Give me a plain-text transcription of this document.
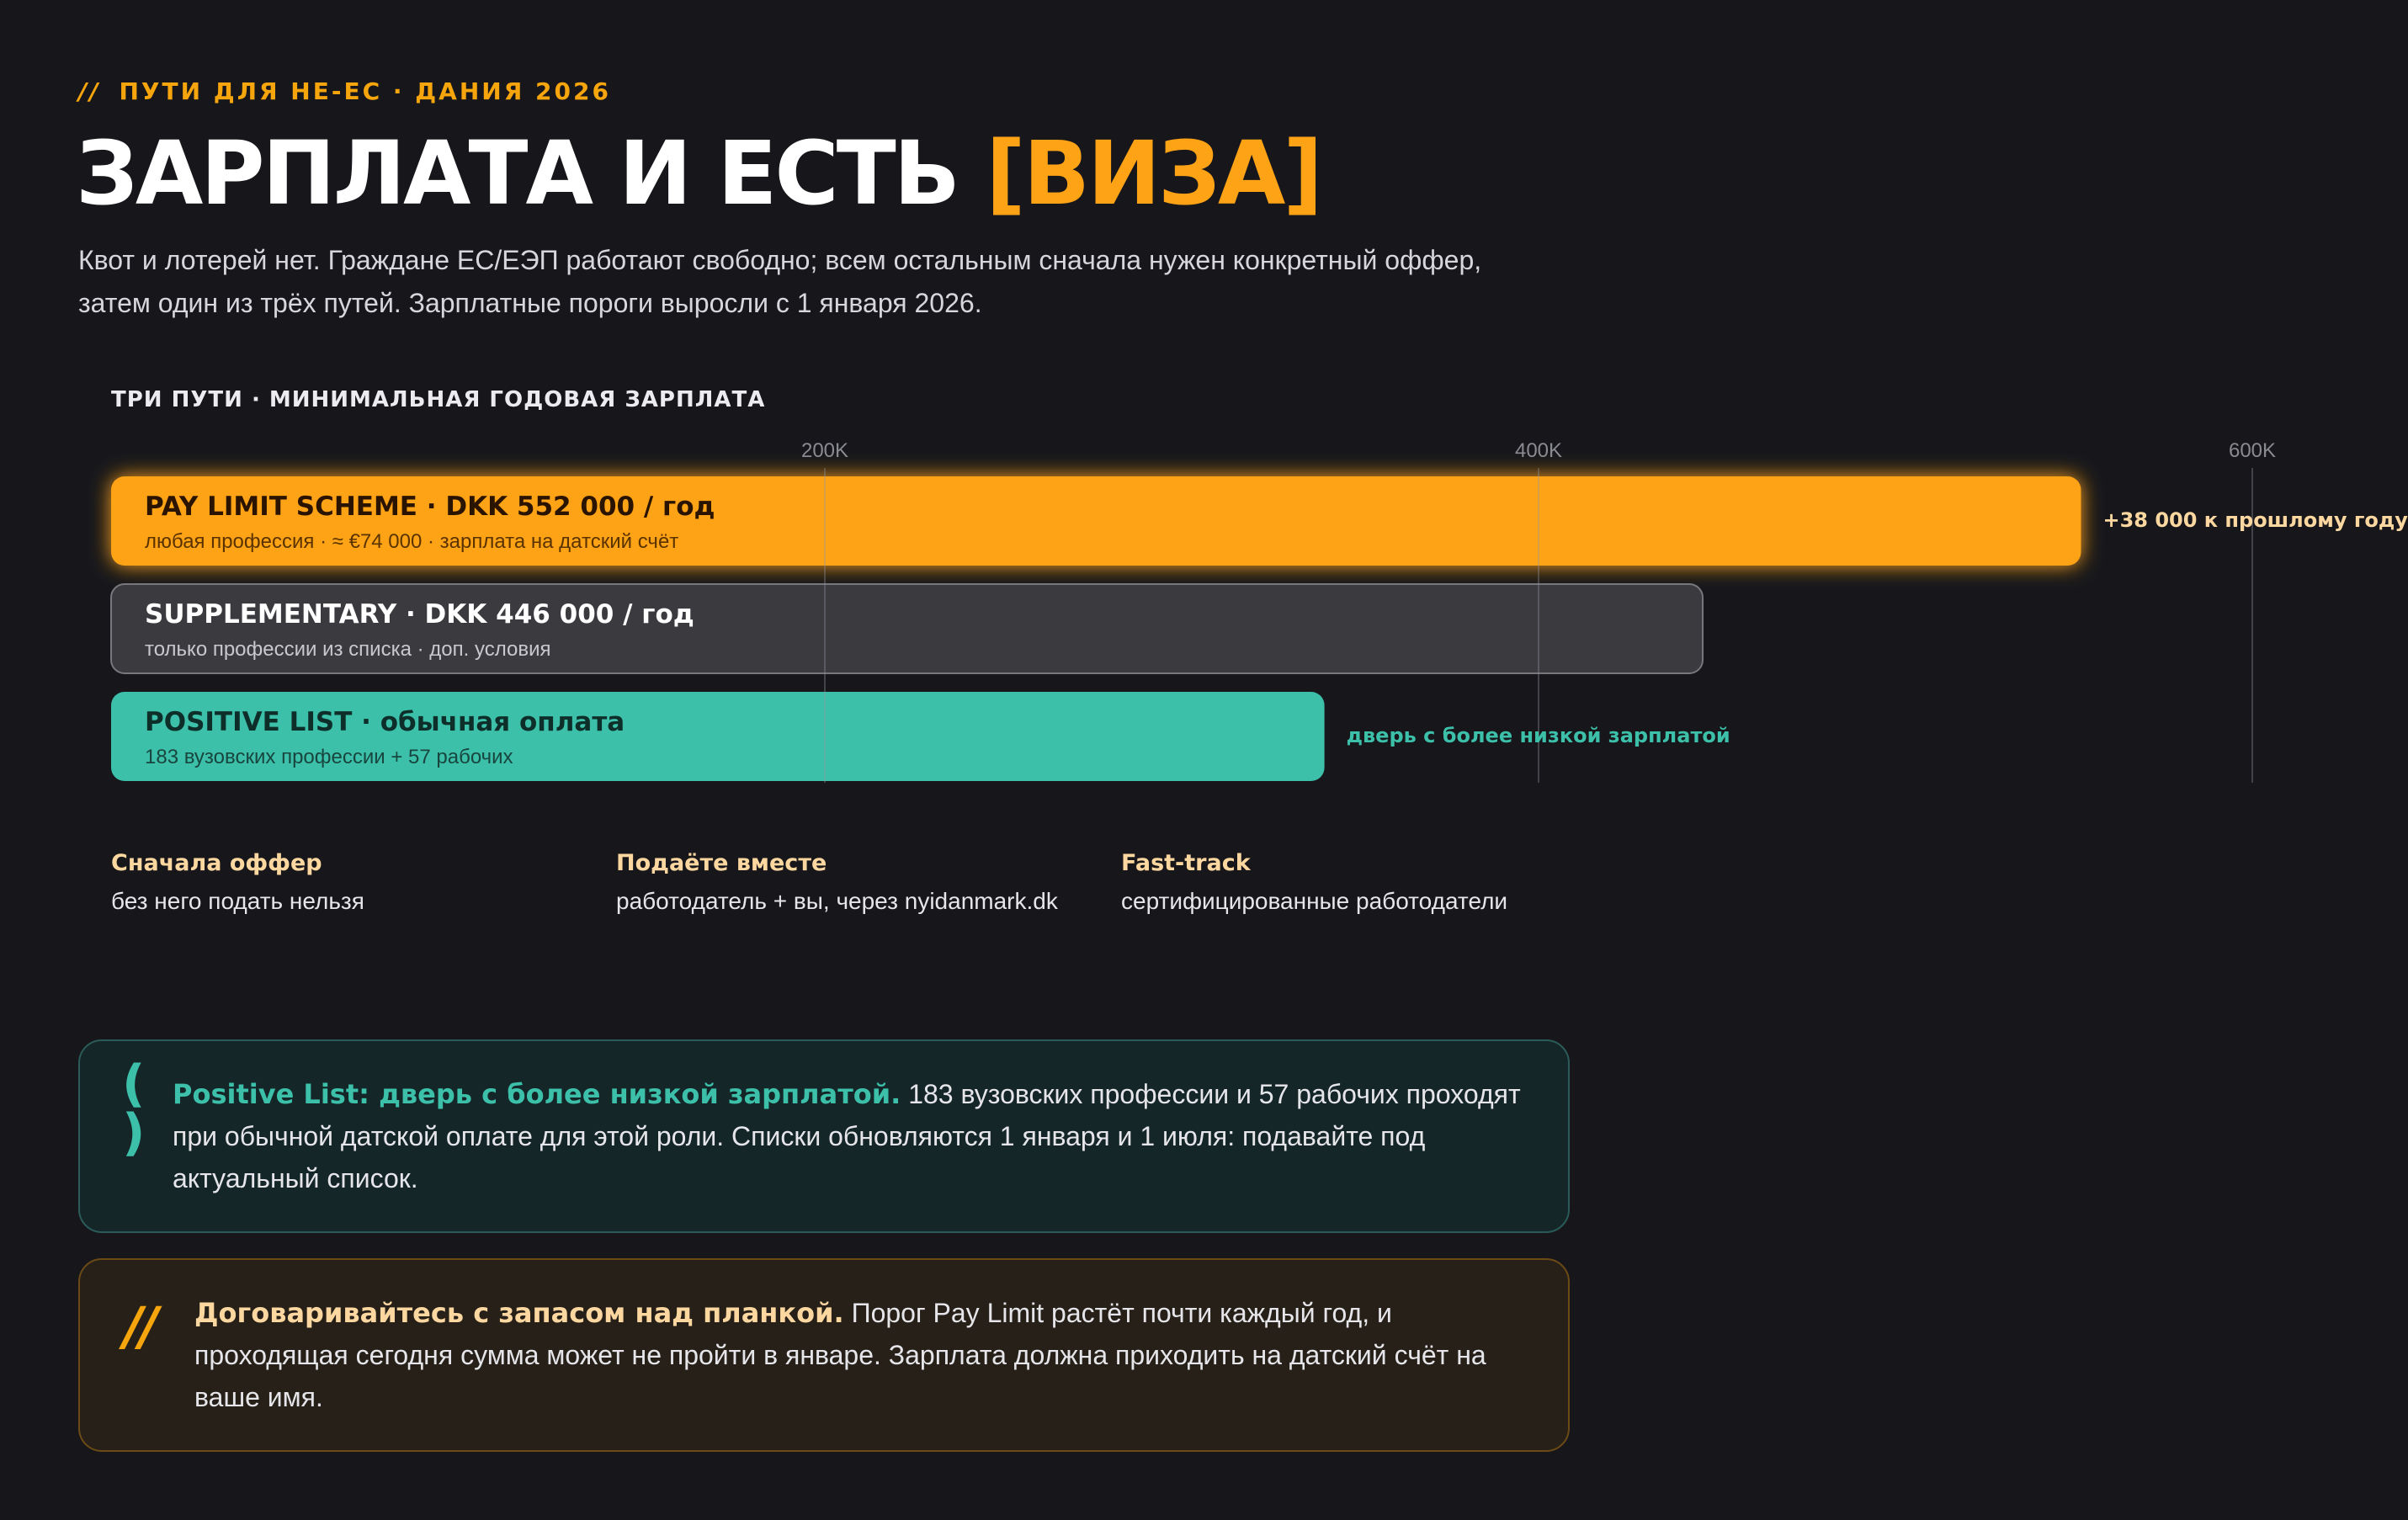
// ПУТИ ДЛЯ НЕ-ЕС · ДАНИЯ 2026
ЗАРПЛАТА И ЕСТЬ [ВИЗА]

Квот и лотерей нет. Граждане ЕС/ЕЭП работают свободно; всем остальным сначала нужен конкретный оффер, затем один из трёх путей. Зарплатные пороги выросли с 1 января 2026.

ТРИ ПУТИ · МИНИМАЛЬНАЯ ГОДОВАЯ ЗАРПЛАТА
200K	400K	600K
PAY LIMIT SCHEME · DKK 552 000 / год
любая профессия · ≈ €74 000 · зарплата на датский счёт
+38 000 к прошлому году
SUPPLEMENTARY · DKK 446 000 / год
только профессии из списка · доп. условия
POSITIVE LIST · обычная оплата
183 вузовских профессии + 57 рабочих
дверь с более низкой зарплатой
Сначала оффер
без него подать нельзя
Подаёте вместе
работодатель + вы, через nyidanmark.dk
Fast-track
сертифицированные работодатели
(
)

Positive List: дверь с более низкой зарплатой. 183 вузовских профессии и 57 рабочих проходят при обычной датской оплате для этой роли. Списки обновляются 1 января и 1 июля: подавайте под актуальный список.

// Договаривайтесь с запасом над планкой. Порог Pay Limit растёт почти каждый год, и проходящая сегодня сумма может не пройти в январе. Зарплата должна приходить на датский счёт на ваше имя.
